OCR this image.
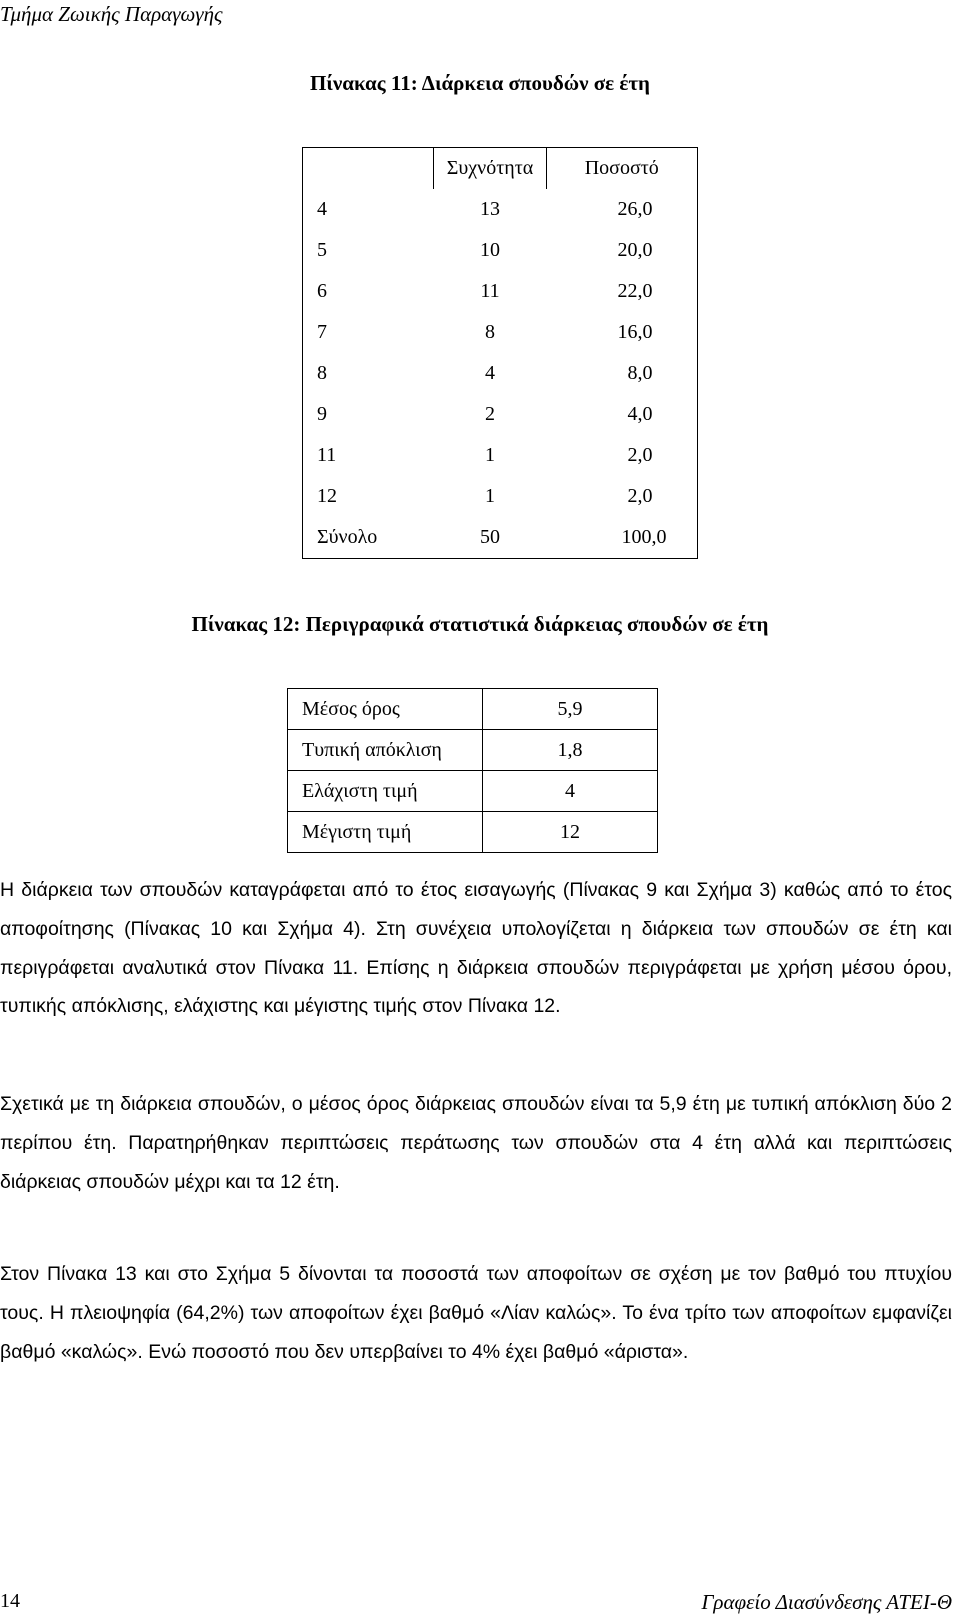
Τμήμα Ζωικής Παραγωγής
Πίνακας 11: Διάρκεια σπουδών σε έτη
	Συχνότητα	Ποσοστό
4	13	26,0
5	10	20,0
6	11	22,0
7	8	16,0
8	4	8,0
9	2	4,0
11	1	2,0
12	1	2,0
Σύνολο	50	100,0
Πίνακας 12: Περιγραφικά στατιστικά διάρκειας σπουδών σε έτη
Μέσος όρος	5,9
Τυπική απόκλιση	1,8
Ελάχιστη τιμή	4
Μέγιστη τιμή	12

Η διάρκεια των σπουδών καταγράφεται από το έτος εισαγωγής (Πίνακας 9 και Σχήμα 3) καθώς από το έτος αποφοίτησης (Πίνακας 10 και Σχήμα 4). Στη συνέχεια υπολογίζεται η διάρκεια των σπουδών σε έτη και περιγράφεται αναλυτικά στον Πίνακα 11. Επίσης η διάρκεια σπουδών περιγράφεται με χρήση μέσου όρου, τυπικής απόκλισης, ελάχιστης και μέγιστης τιμής στον Πίνακα 12.

Σχετικά με τη διάρκεια σπουδών, ο μέσος όρος διάρκειας σπουδών είναι τα 5,9 έτη με τυπική απόκλιση δύο 2 περίπου έτη. Παρατηρήθηκαν περιπτώσεις περάτωσης των σπουδών στα 4 έτη αλλά και περιπτώσεις διάρκειας σπουδών μέχρι και τα 12 έτη.

Στον Πίνακα 13 και στο Σχήμα 5 δίνονται τα ποσοστά των αποφοίτων σε σχέση με τον βαθμό του πτυχίου τους. Η πλειοψηφία (64,2%) των αποφοίτων έχει βαθμό «Λίαν καλώς». Το ένα τρίτο των αποφοίτων εμφανίζει βαθμό «καλώς». Ενώ ποσοστό που δεν υπερβαίνει το 4% έχει βαθμό «άριστα».

14	Γραφείο Διασύνδεσης ΑΤΕΙ-Θ
